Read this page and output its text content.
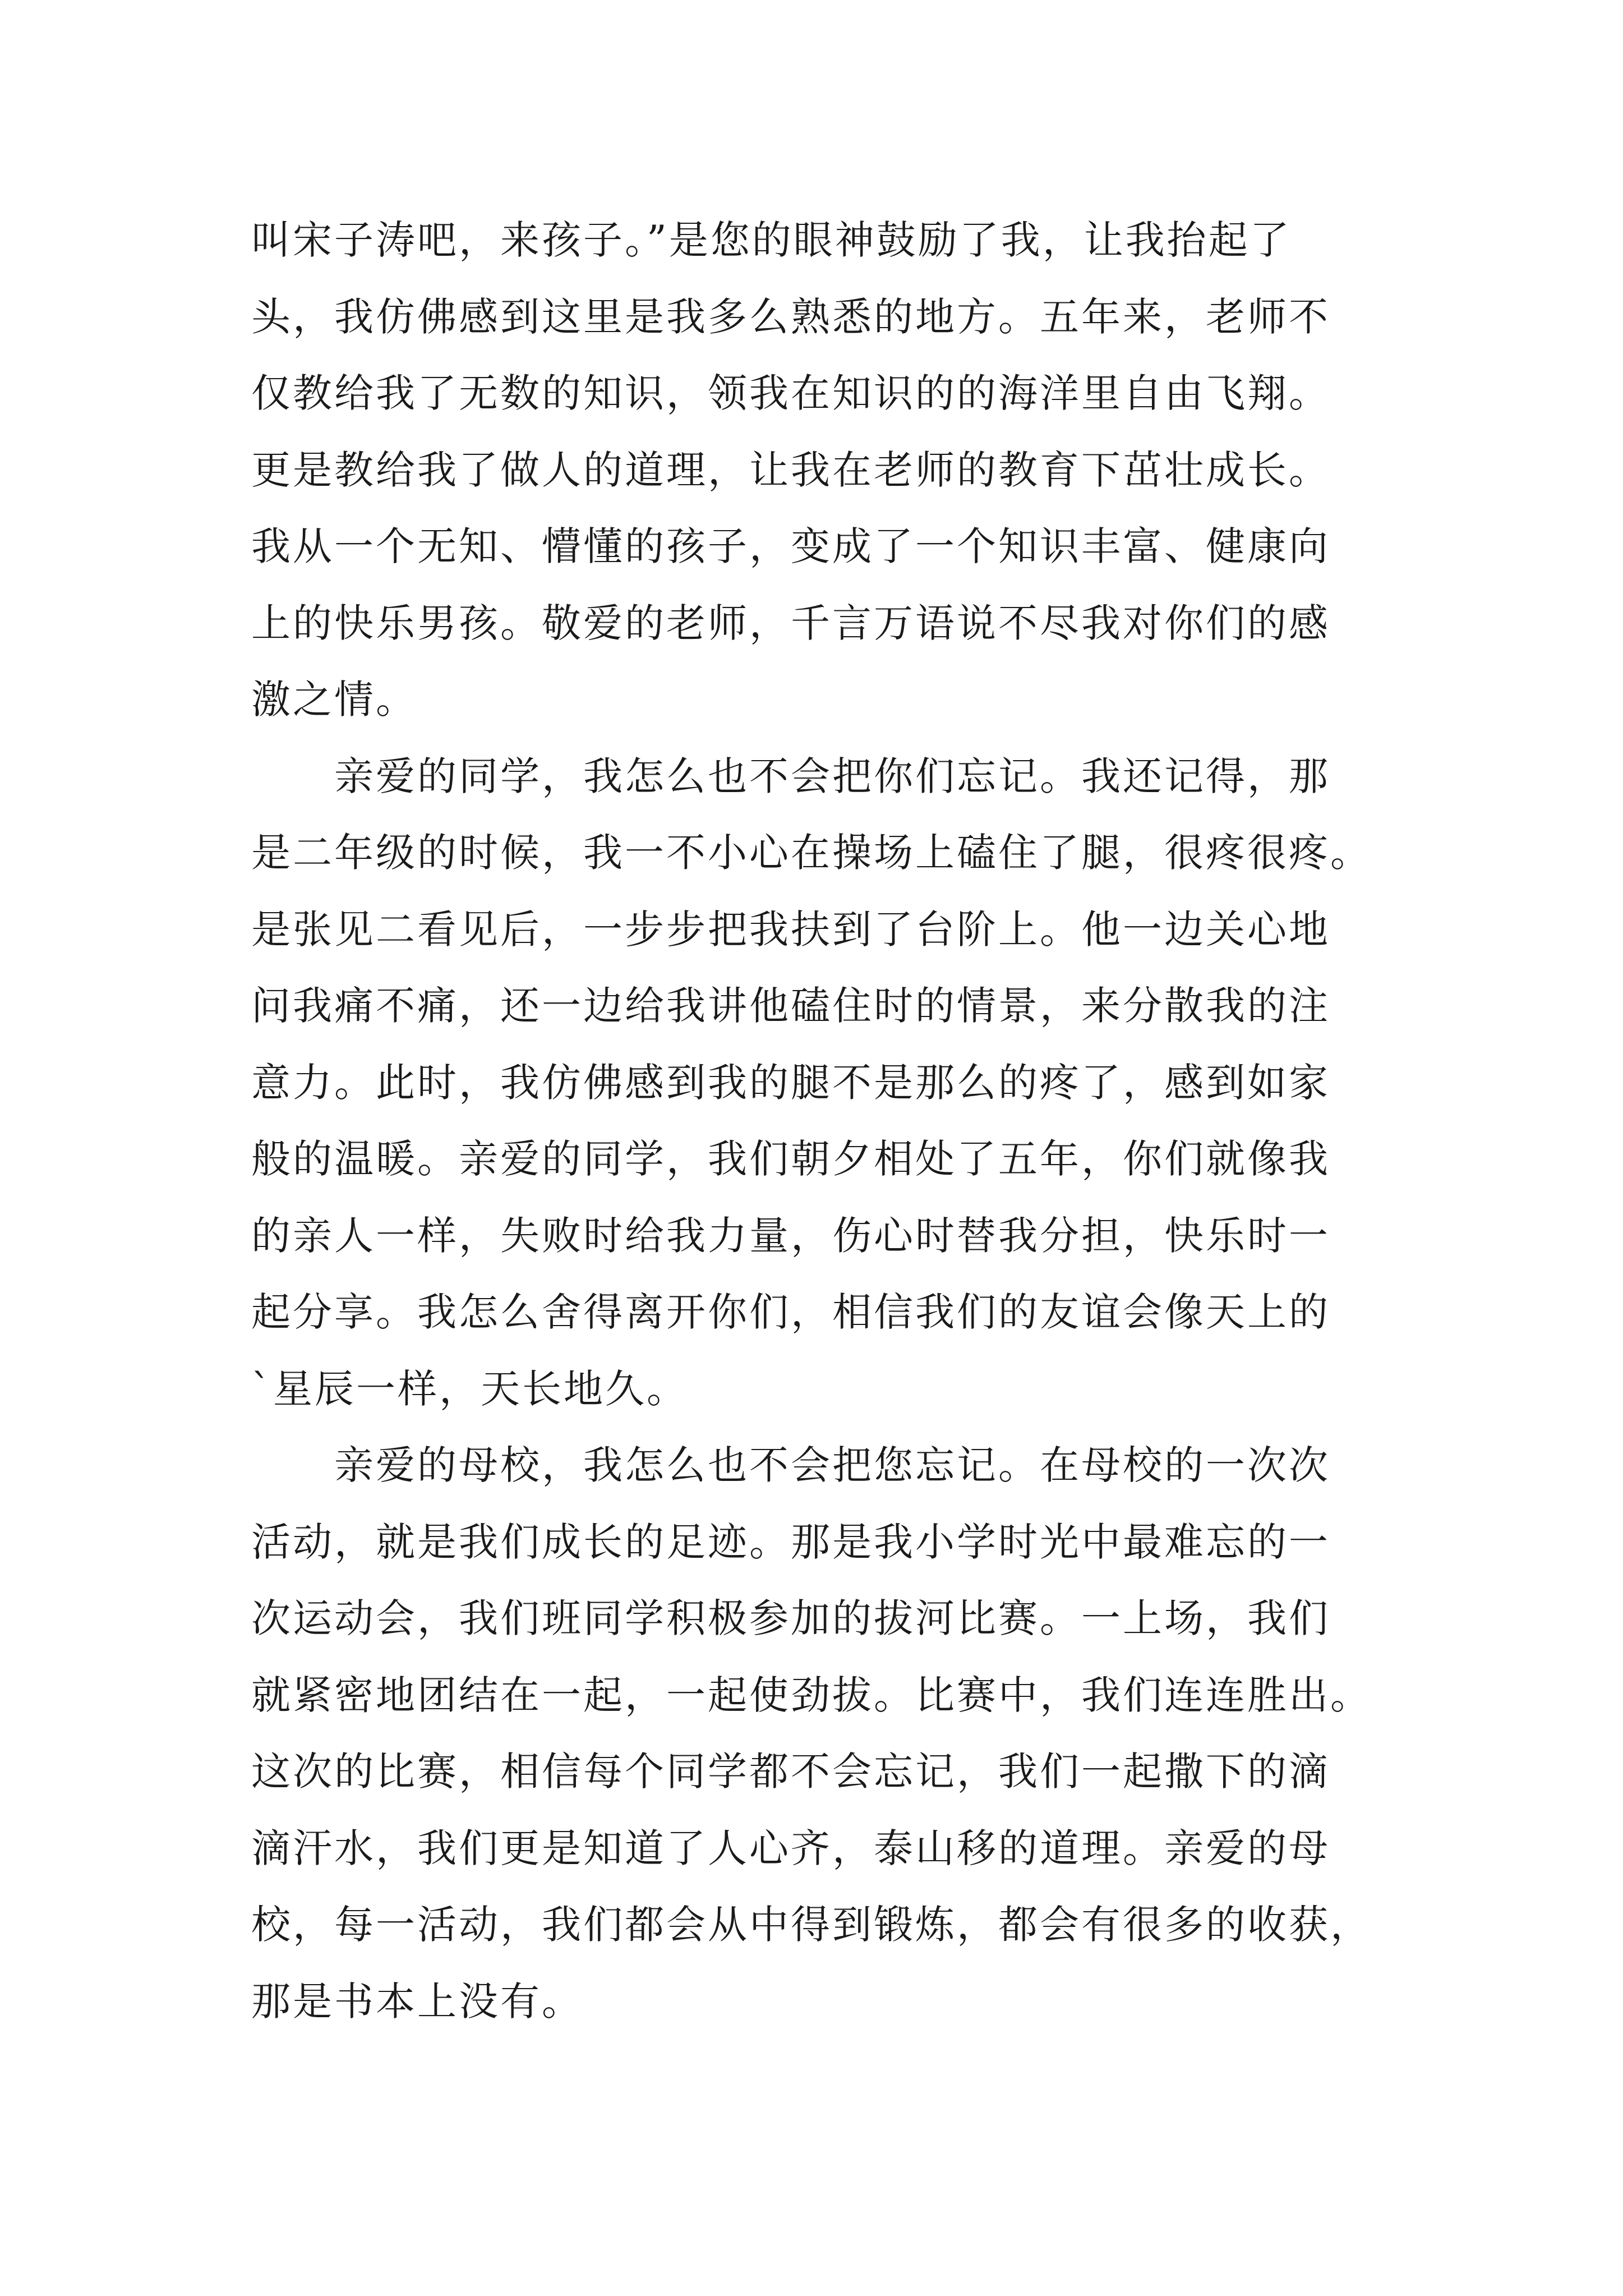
叫宋子涛吧，来孩子。”是您的眼神鼓励了我，让我抬起了
头，我仿佛感到这里是我多么熟悉的地方。五年来，老师不
仅教给我了无数的知识，领我在知识的的海洋里自由飞翔。
更是教给我了做人的道理，让我在老师的教育下茁壮成长。
我从一个无知、懵懂的孩子，变成了一个知识丰富、健康向
上的快乐男孩。敬爱的老师，千言万语说不尽我对你们的感
激之情。
亲爱的同学，我怎么也不会把你们忘记。我还记得，那
是二年级的时候，我一不小心在操场上磕住了腿，很疼很疼。
是张见二看见后，一步步把我扶到了台阶上。他一边关心地
问我痛不痛，还一边给我讲他磕住时的情景，来分散我的注
意力。此时，我仿佛感到我的腿不是那么的疼了，感到如家
般的温暖。亲爱的同学，我们朝夕相处了五年，你们就像我
的亲人一样，失败时给我力量，伤心时替我分担，快乐时一
起分享。我怎么舍得离开你们，相信我们的友谊会像天上的
`星辰一样，天长地久。
亲爱的母校，我怎么也不会把您忘记。在母校的一次次
活动，就是我们成长的足迹。那是我小学时光中最难忘的一
次运动会，我们班同学积极参加的拔河比赛。一上场，我们
就紧密地团结在一起，一起使劲拔。比赛中，我们连连胜出。
这次的比赛，相信每个同学都不会忘记，我们一起撒下的滴
滴汗水，我们更是知道了人心齐，泰山移的道理。亲爱的母
校，每一活动，我们都会从中得到锻炼，都会有很多的收获，
那是书本上没有。
